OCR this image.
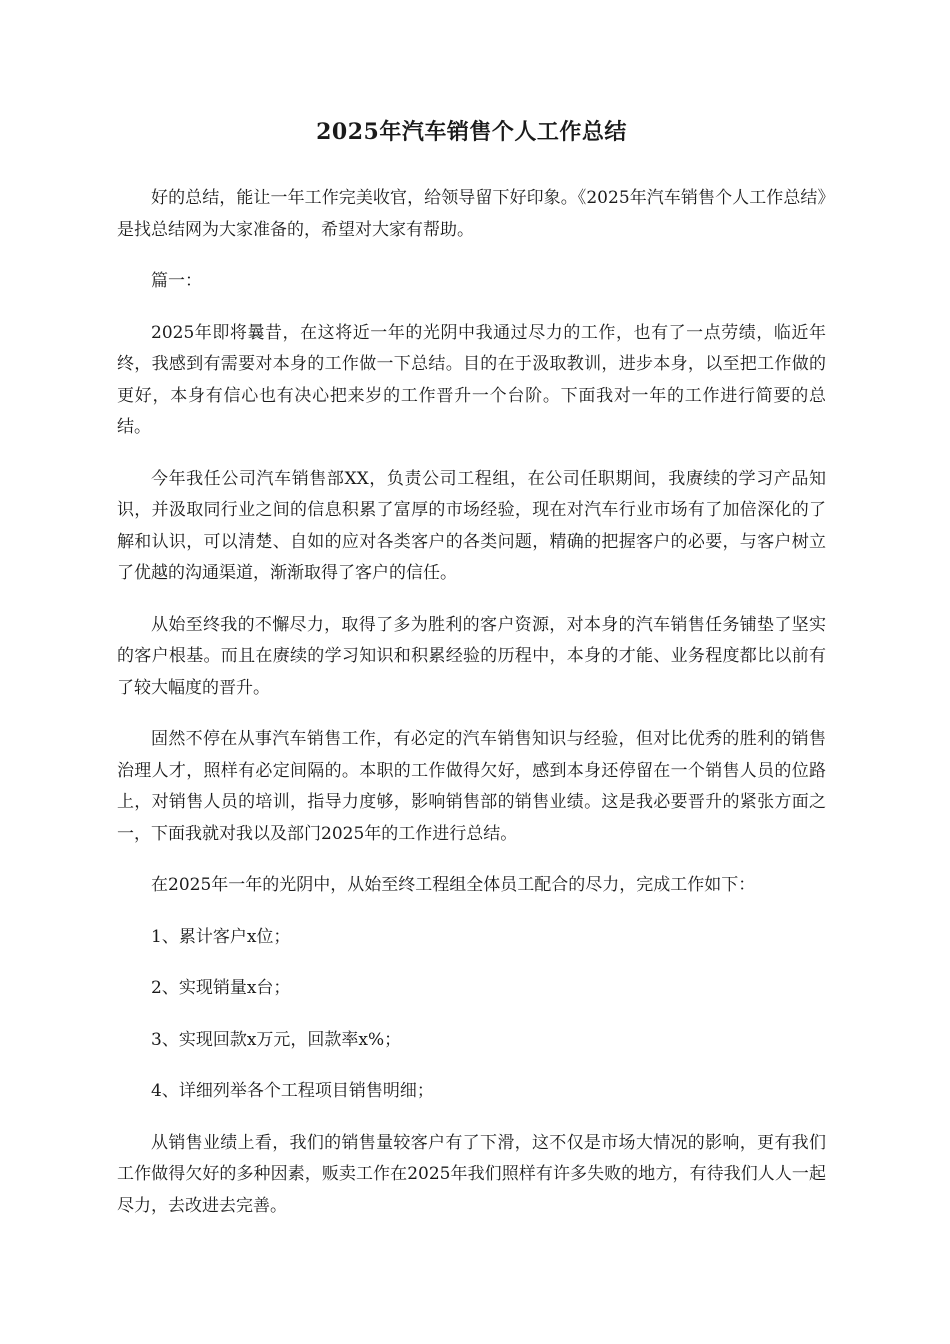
2025年汽车销售个人工作总结

好的总结，能让一年工作完美收官，给领导留下好印象。《2025年汽车销售个人工作总结》是找总结网为大家准备的，希望对大家有帮助。

篇一：

2025年即将曩昔，在这将近一年的光阴中我通过尽力的工作，也有了一点劳绩，临近年终，我感到有需要对本身的工作做一下总结。目的在于汲取教训，进步本身，以至把工作做的更好，本身有信心也有决心把来岁的工作晋升一个台阶。下面我对一年的工作进行简要的总结。

今年我任公司汽车销售部XX，负责公司工程组，在公司任职期间，我赓续的学习产品知识，并汲取同行业之间的信息积累了富厚的市场经验，现在对汽车行业市场有了加倍深化的了解和认识，可以清楚、自如的应对各类客户的各类问题，精确的把握客户的必要，与客户树立了优越的沟通渠道，渐渐取得了客户的信任。

从始至终我的不懈尽力，取得了多为胜利的客户资源，对本身的汽车销售任务铺垫了坚实的客户根基。而且在赓续的学习知识和积累经验的历程中，本身的才能、业务程度都比以前有了较大幅度的晋升。

固然不停在从事汽车销售工作，有必定的汽车销售知识与经验，但对比优秀的胜利的销售治理人才，照样有必定间隔的。本职的工作做得欠好，感到本身还停留在一个销售人员的位路上，对销售人员的培训，指导力度够，影响销售部的销售业绩。这是我必要晋升的紧张方面之一，下面我就对我以及部门2025年的工作进行总结。

在2025年一年的光阴中，从始至终工程组全体员工配合的尽力，完成工作如下：

1、累计客户x位；

2、实现销量x台；

3、实现回款x万元，回款率x%；

4、详细列举各个工程项目销售明细；

从销售业绩上看，我们的销售量较客户有了下滑，这不仅是市场大情况的影响，更有我们工作做得欠好的多种因素，贩卖工作在2025年我们照样有许多失败的地方，有待我们人人一起尽力，去改进去完善。
